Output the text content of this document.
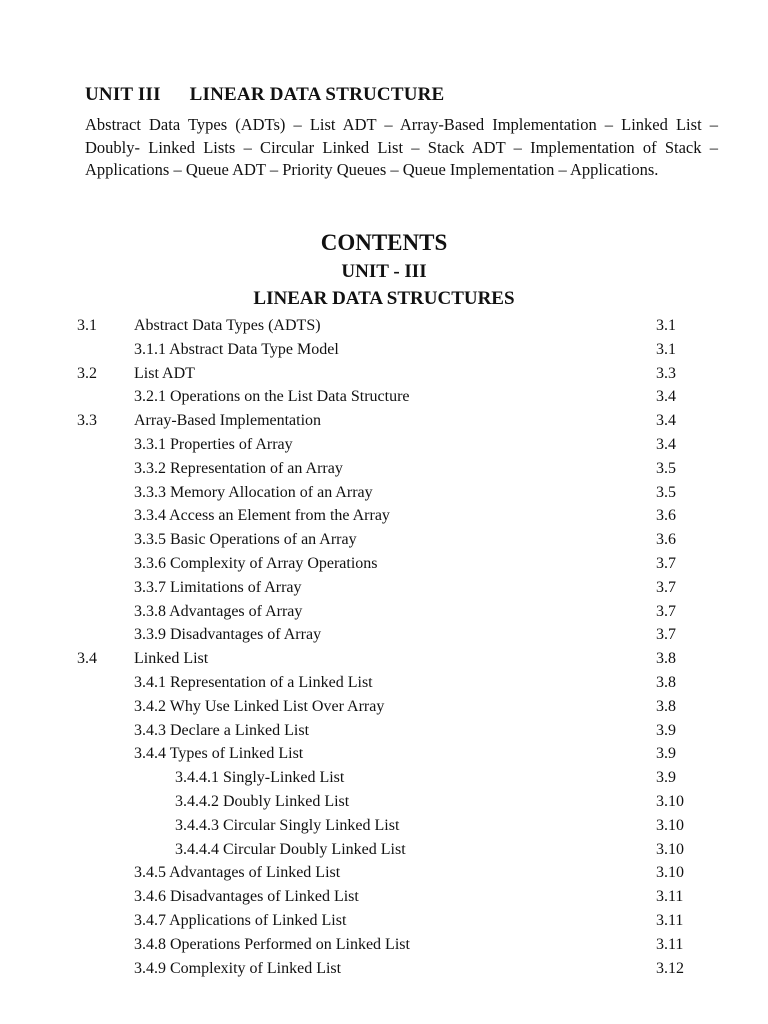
UNIT III LINEAR DATA STRUCTURE
Abstract Data Types (ADTs) – List ADT – Array-Based Implementation – Linked List – Doubly- Linked Lists – Circular Linked List – Stack ADT – Implementation of Stack – Applications – Queue ADT – Priority Queues – Queue Implementation – Applications.
CONTENTS
UNIT - III
LINEAR DATA STRUCTURES
3.1 Abstract Data Types (ADTS)	3.1
3.1.1 Abstract Data Type Model	3.1
3.2 List ADT	3.3
3.2.1 Operations on the List Data Structure	3.4
3.3 Array-Based Implementation	3.4
3.3.1 Properties of Array	3.4
3.3.2 Representation of an Array	3.5
3.3.3 Memory Allocation of an Array	3.5
3.3.4 Access an Element from the Array	3.6
3.3.5 Basic Operations of an Array	3.6
3.3.6 Complexity of Array Operations	3.7
3.3.7 Limitations of Array	3.7
3.3.8 Advantages of Array	3.7
3.3.9 Disadvantages of Array	3.7
3.4 Linked List	3.8
3.4.1 Representation of a Linked List	3.8
3.4.2 Why Use Linked List Over Array	3.8
3.4.3 Declare a Linked List	3.9
3.4.4 Types of Linked List	3.9
3.4.4.1 Singly-Linked List	3.9
3.4.4.2 Doubly Linked List	3.10
3.4.4.3 Circular Singly Linked List	3.10
3.4.4.4 Circular Doubly Linked List	3.10
3.4.5 Advantages of Linked List	3.10
3.4.6 Disadvantages of Linked List	3.11
3.4.7 Applications of Linked List	3.11
3.4.8 Operations Performed on Linked List	3.11
3.4.9 Complexity of Linked List	3.12
